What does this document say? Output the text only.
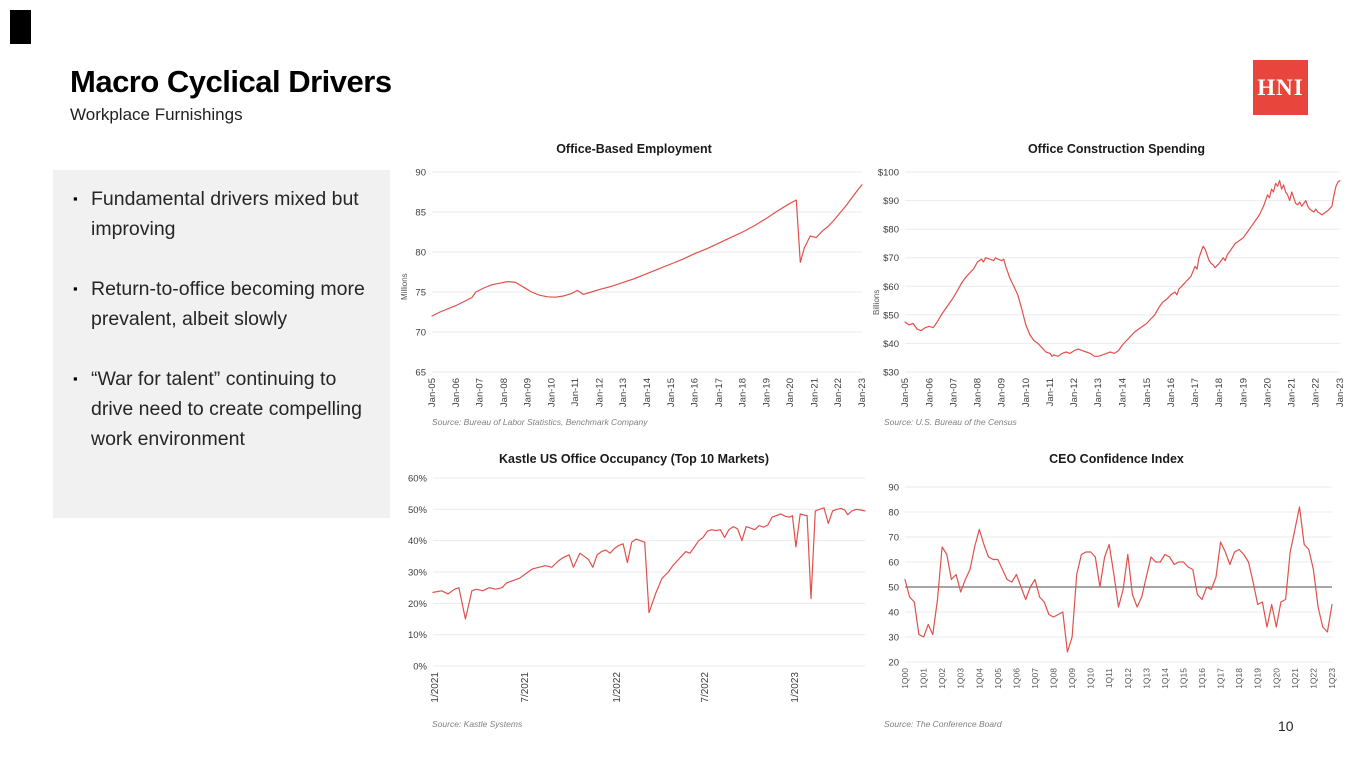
Macro Cyclical Drivers
Workplace Furnishings
HNI
▪ Fundamental drivers mixed but improving
▪ Return-to-office becoming more prevalent, albeit slowly
▪ “War for talent” continuing to drive need to create compelling work environment
Office-Based Employment
Millions
90
85
80
75
70
65
Jan-05 Jan-06 Jan-07 Jan-08 Jan-09 Jan-10 Jan-11 Jan-12 Jan-13 Jan-14 Jan-15 Jan-16 Jan-17 Jan-18 Jan-19 Jan-20 Jan-21 Jan-22 Jan-23
Source: Bureau of Labor Statistics, Benchmark Company
Office Construction Spending
Billions
$100
$90
$80
$70
$60
$50
$40
$30
Jan-05 Jan-06 Jan-07 Jan-08 Jan-09 Jan-10 Jan-11 Jan-12 Jan-13 Jan-14 Jan-15 Jan-16 Jan-17 Jan-18 Jan-19 Jan-20 Jan-21 Jan-22 Jan-23
Source: U.S. Bureau of the Census
Kastle US Office Occupancy (Top 10 Markets)
60%
50%
40%
30%
20%
10%
0%
1/2021	7/2021	1/2022	7/2022	1/2023
Source: Kastle Systems
CEO Confidence Index
90
80
70
60
50
40
30
20
1Q00 1Q01 1Q02 1Q03 1Q04 1Q05 1Q06 1Q07 1Q08 1Q09 1Q10 1Q11 1Q12 1Q13 1Q14 1Q15 1Q16 1Q17 1Q18 1Q19 1Q20 1Q21 1Q22 1Q23
Source: The Conference Board	10
